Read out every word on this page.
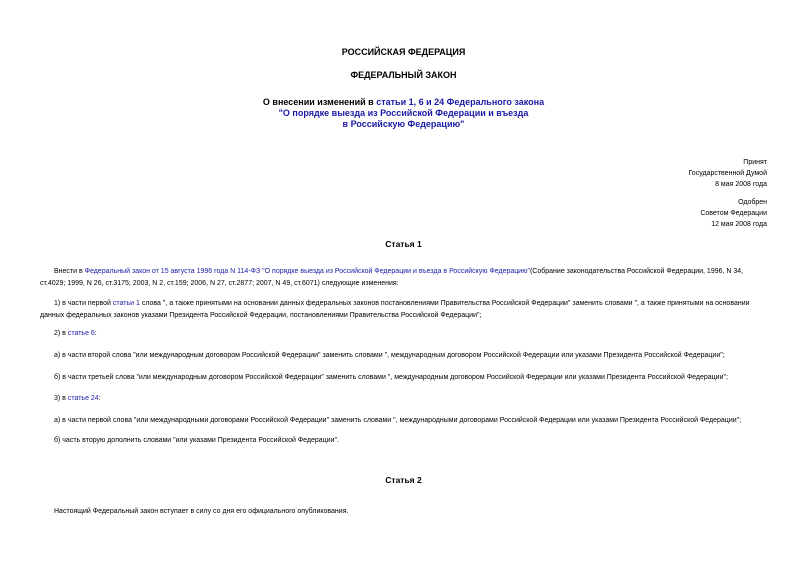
РОССИЙСКАЯ ФЕДЕРАЦИЯ
ФЕДЕРАЛЬНЫЙ ЗАКОН
О внесении изменений в статьи 1, 6 и 24 Федерального закона
"О порядке выезда из Российской Федерации и въезда
в Российскую Федерацию"
Принят
Государственной Думой
8 мая 2008 года
Одобрен
Советом Федерации
12 мая 2008 года
Статья 1
Внести в Федеральный закон от 15 августа 1996 года N 114-ФЗ "О порядке выезда из Российской Федерации и въезда в Российскую Федерацию"(Собрание законодательства Российской Федерации, 1996, N 34, ст.4029; 1999, N 26, ст.3175; 2003, N 2, ст.159; 2006, N 27, ст.2877; 2007, N 49, ст.6071) следующие изменения:
1) в части первой статьи 1 слова ", а также принятыми на основании данных федеральных законов постановлениями Правительства Российской Федерации" заменить словами ", а также принятыми на основании данных федеральных законов указами Президента Российской Федерации, постановлениями Правительства Российской Федерации";
2) в статье 6:
а) в части второй слова "или международным договором Российской Федерации" заменить словами ", международным договором Российской Федерации или указами Президента Российской Федерации";
б) в части третьей слова "или международным договором Российской Федерации" заменить словами ", международным договором Российской Федерации или указами Президента Российской Федерации";
3) в статье 24:
а) в части первой слова "или международными договорами Российской Федерации" заменить словами ", международными договорами Российской Федерации или указами Президента Российской Федерации";
б) часть вторую дополнить словами "или указами Президента Российской Федерации".
Статья 2
Настоящий Федеральный закон вступает в силу со дня его официального опубликования.
